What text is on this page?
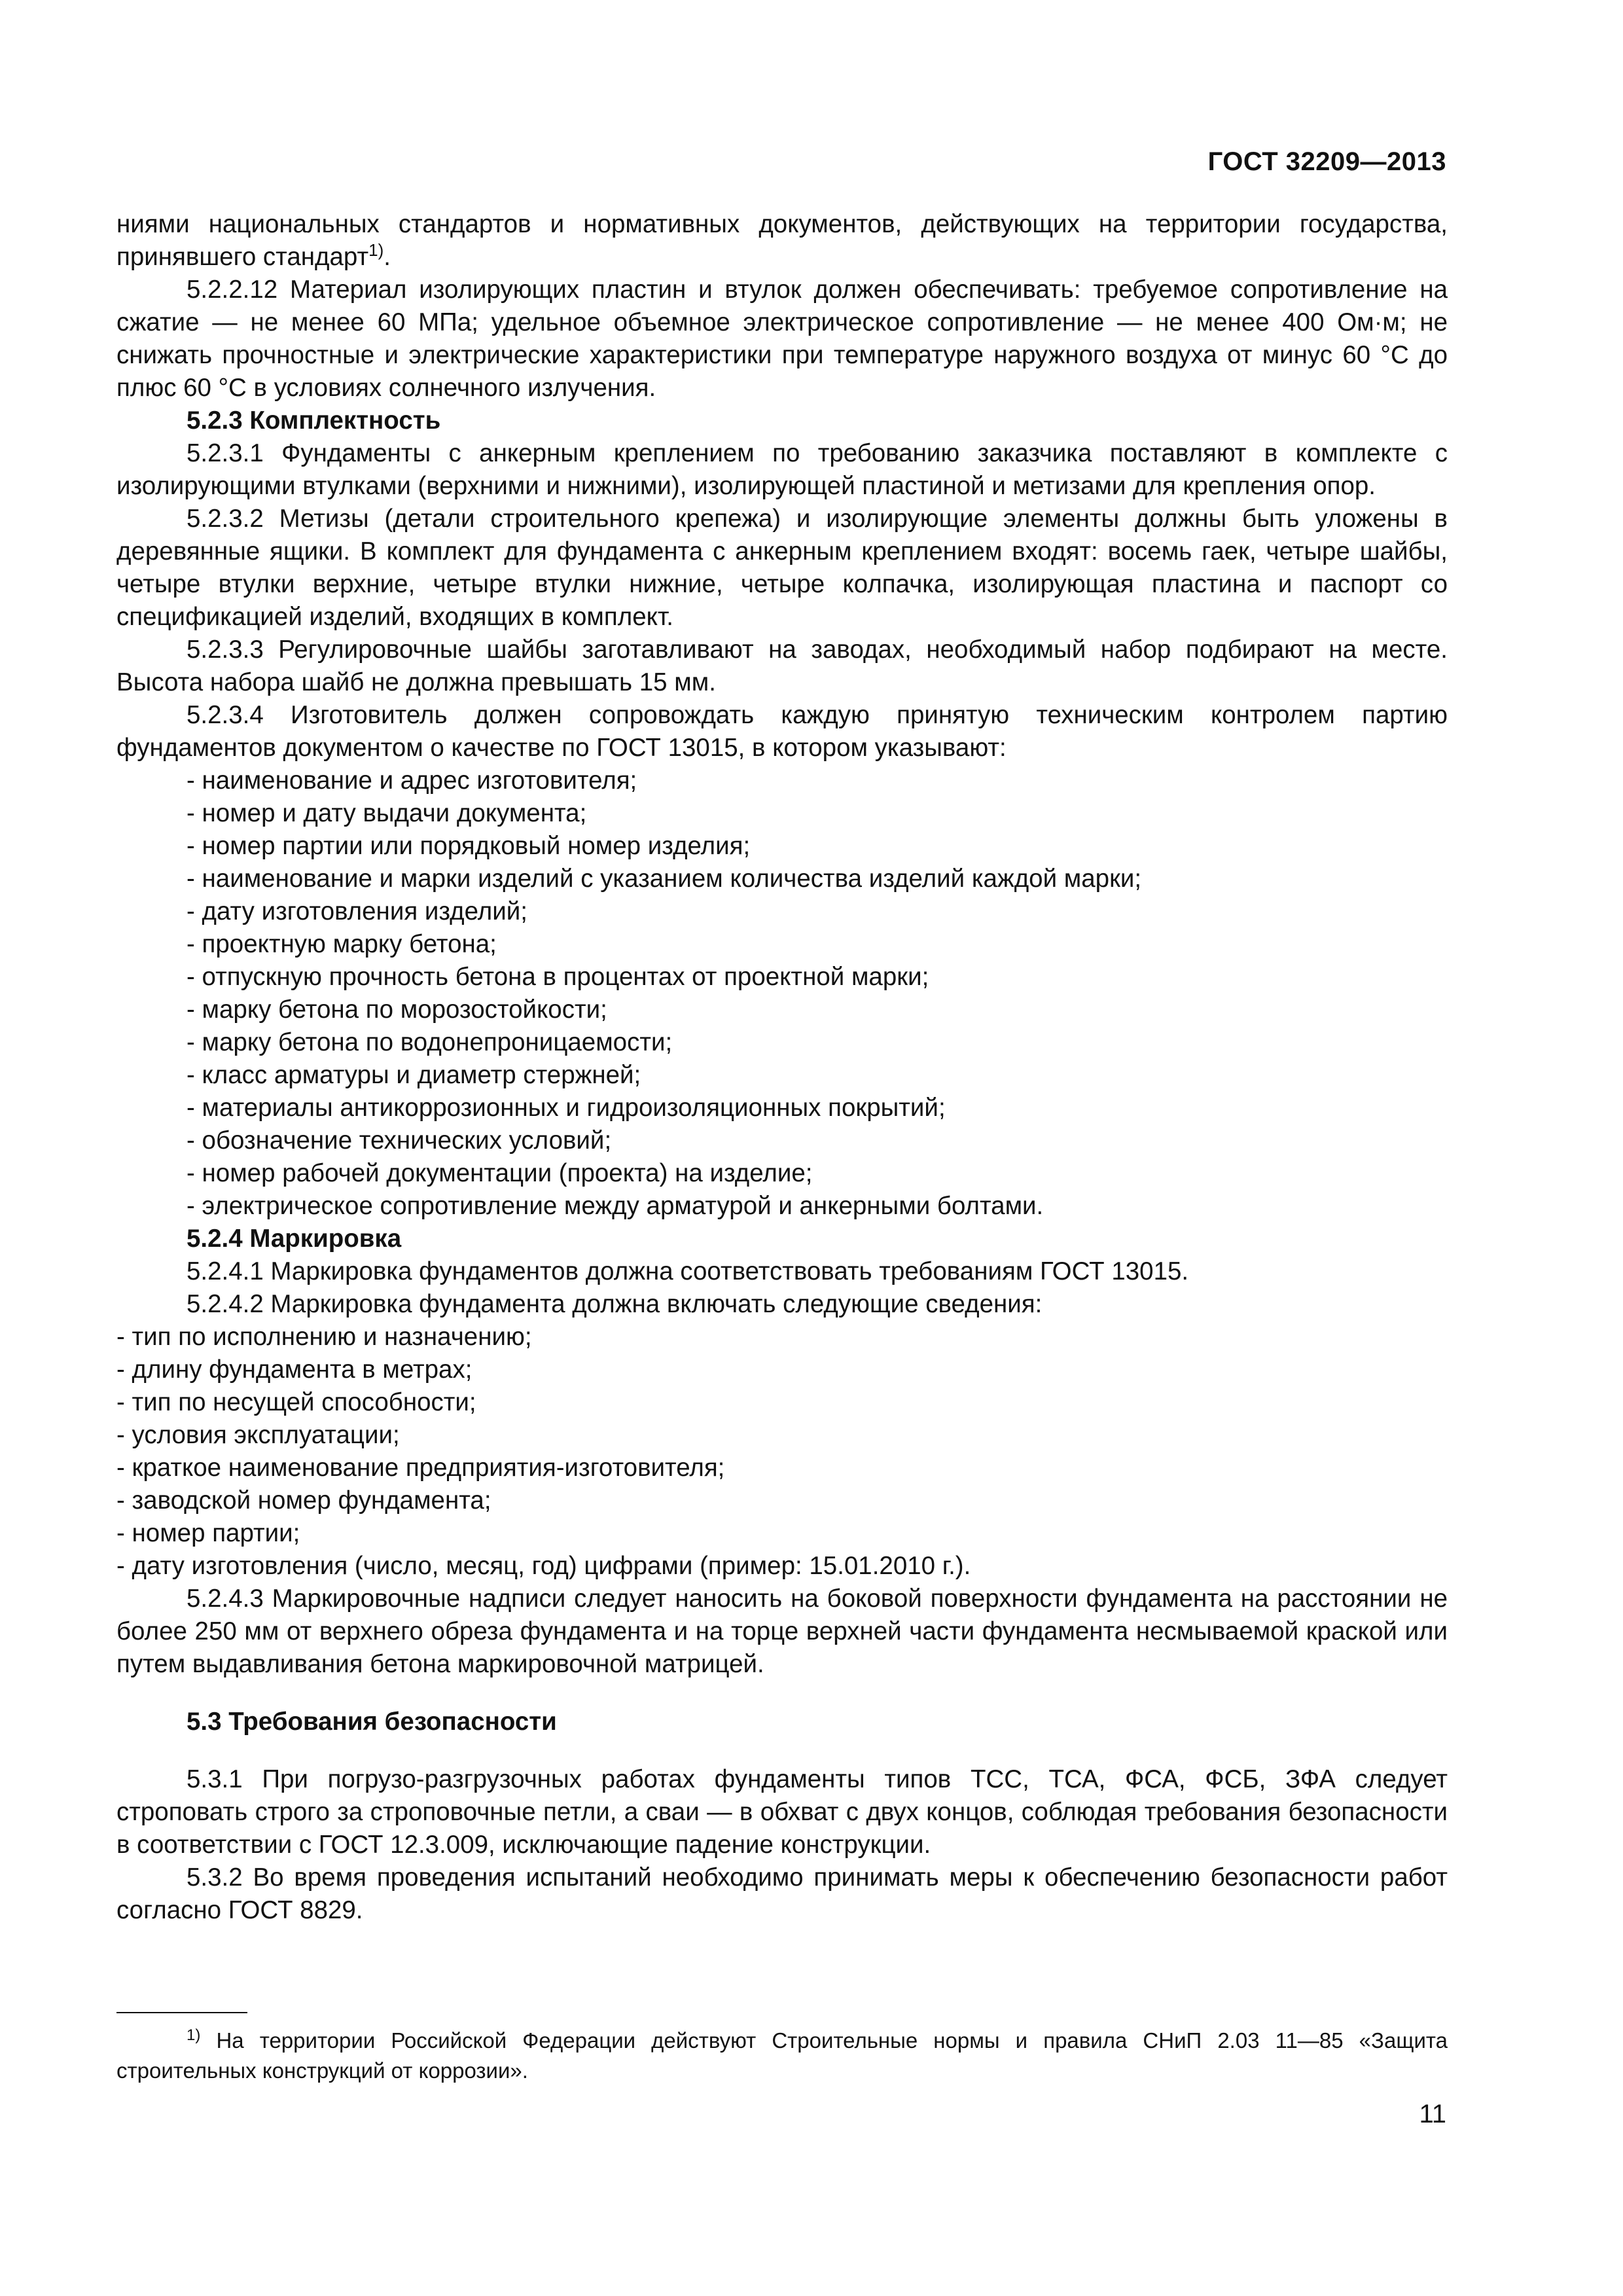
ГОСТ 32209—2013

ниями национальных стандартов и нормативных документов, действующих на территории государства, принявшего стандарт$^{1)}$.

5.2.2.12 Материал изолирующих пластин и втулок должен обеспечивать: требуемое сопротивление на сжатие — не менее 60 МПа; удельное объемное электрическое сопротивление — не менее 400 Ом·м; не снижать прочностные и электрические характеристики при температуре наружного воздуха от минус 60 °С до плюс 60 °С в условиях солнечного излучения.

5.2.3 Комплектность

5.2.3.1 Фундаменты с анкерным креплением по требованию заказчика поставляют в комплекте с изолирующими втулками (верхними и нижними), изолирующей пластиной и метизами для крепления опор.

5.2.3.2 Метизы (детали строительного крепежа) и изолирующие элементы должны быть уложены в деревянные ящики. В комплект для фундамента с анкерным креплением входят: восемь гаек, четыре шайбы, четыре втулки верхние, четыре втулки нижние, четыре колпачка, изолирующая пластина и паспорт со спецификацией изделий, входящих в комплект.

5.2.3.3 Регулировочные шайбы заготавливают на заводах, необходимый набор подбирают на месте. Высота набора шайб не должна превышать 15 мм.

5.2.3.4 Изготовитель должен сопровождать каждую принятую техническим контролем партию фундаментов документом о качестве по ГОСТ 13015, в котором указывают:

- наименование и адрес изготовителя;
- номер и дату выдачи документа;
- номер партии или порядковый номер изделия;
- наименование и марки изделий с указанием количества изделий каждой марки;
- дату изготовления изделий;
- проектную марку бетона;
- отпускную прочность бетона в процентах от проектной марки;
- марку бетона по морозостойкости;
- марку бетона по водонепроницаемости;
- класс арматуры и диаметр стержней;
- материалы антикоррозионных и гидроизоляционных покрытий;
- обозначение технических условий;
- номер рабочей документации (проекта) на изделие;
- электрическое сопротивление между арматурой и анкерными болтами.

5.2.4 Маркировка

5.2.4.1 Маркировка фундаментов должна соответствовать требованиям ГОСТ 13015.

5.2.4.2 Маркировка фундамента должна включать следующие сведения:

- тип по исполнению и назначению;
- длину фундамента в метрах;
- тип по несущей способности;
- условия эксплуатации;
- краткое наименование предприятия-изготовителя;
- заводской номер фундамента;
- номер партии;
- дату изготовления (число, месяц, год) цифрами (пример: 15.01.2010 г.).

5.2.4.3 Маркировочные надписи следует наносить на боковой поверхности фундамента на расстоянии не более 250 мм от верхнего обреза фундамента и на торце верхней части фундамента несмываемой краской или путем выдавливания бетона маркировочной матрицей.

5.3 Требования безопасности

5.3.1 При погрузо-разгрузочных работах фундаменты типов ТСС, ТСА, ФСА, ФСБ, ЗФА следует строповать строго за строповочные петли, а сваи — в обхват с двух концов, соблюдая требования безопасности в соответствии с ГОСТ 12.3.009, исключающие падение конструкции.

5.3.2 Во время проведения испытаний необходимо принимать меры к обеспечению безопасности работ согласно ГОСТ 8829.

$^{1)}$ На территории Российской Федерации действуют Строительные нормы и правила СНиП 2.03 11—85 «Защита строительных конструкций от коррозии».
11
